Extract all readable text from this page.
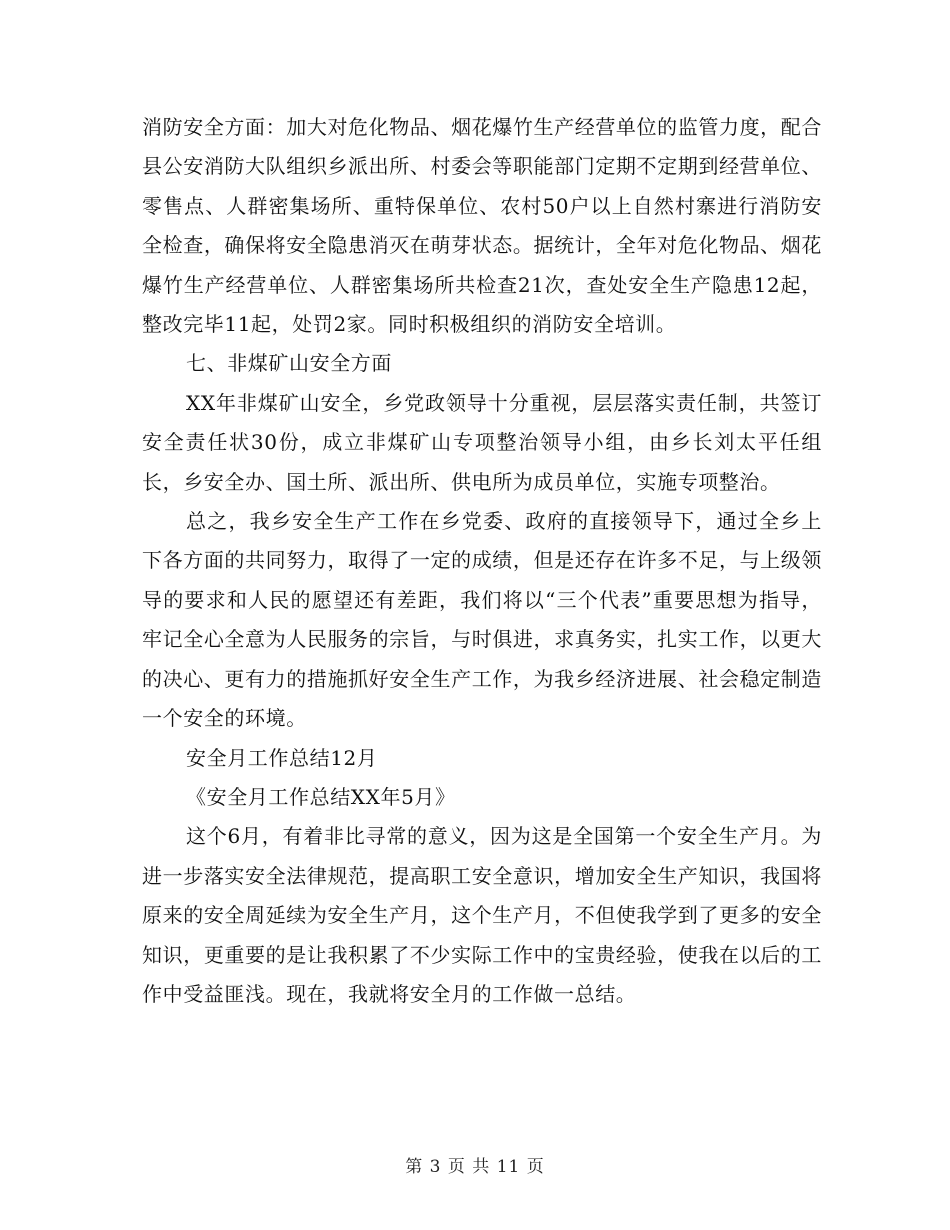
消防安全方面：加大对危化物品、烟花爆竹生产经营单位的监管力度，配合县公安消防大队组织乡派出所、村委会等职能部门定期不定期到经营单位、零售点、人群密集场所、重特保单位、农村50户以上自然村寨进行消防安全检查，确保将安全隐患消灭在萌芽状态。据统计，全年对危化物品、烟花爆竹生产经营单位、人群密集场所共检查21次，查处安全生产隐患12起，整改完毕11起，处罚2家。同时积极组织的消防安全培训。

七、非煤矿山安全方面

XX年非煤矿山安全，乡党政领导十分重视，层层落实责任制，共签订安全责任状30份，成立非煤矿山专项整治领导小组，由乡长刘太平任组长，乡安全办、国土所、派出所、供电所为成员单位，实施专项整治。

总之，我乡安全生产工作在乡党委、政府的直接领导下，通过全乡上下各方面的共同努力，取得了一定的成绩，但是还存在许多不足，与上级领导的要求和人民的愿望还有差距，我们将以“三个代表”重要思想为指导，牢记全心全意为人民服务的宗旨，与时俱进，求真务实，扎实工作，以更大的决心、更有力的措施抓好安全生产工作，为我乡经济进展、社会稳定制造一个安全的环境。

安全月工作总结12月

《安全月工作总结XX年5月》

这个6月，有着非比寻常的意义，因为这是全国第一个安全生产月。为进一步落实安全法律规范，提高职工安全意识，增加安全生产知识，我国将原来的安全周延续为安全生产月，这个生产月，不但使我学到了更多的安全知识，更重要的是让我积累了不少实际工作中的宝贵经验，使我在以后的工作中受益匪浅。现在，我就将安全月的工作做一总结。

第 3 页 共 11 页
